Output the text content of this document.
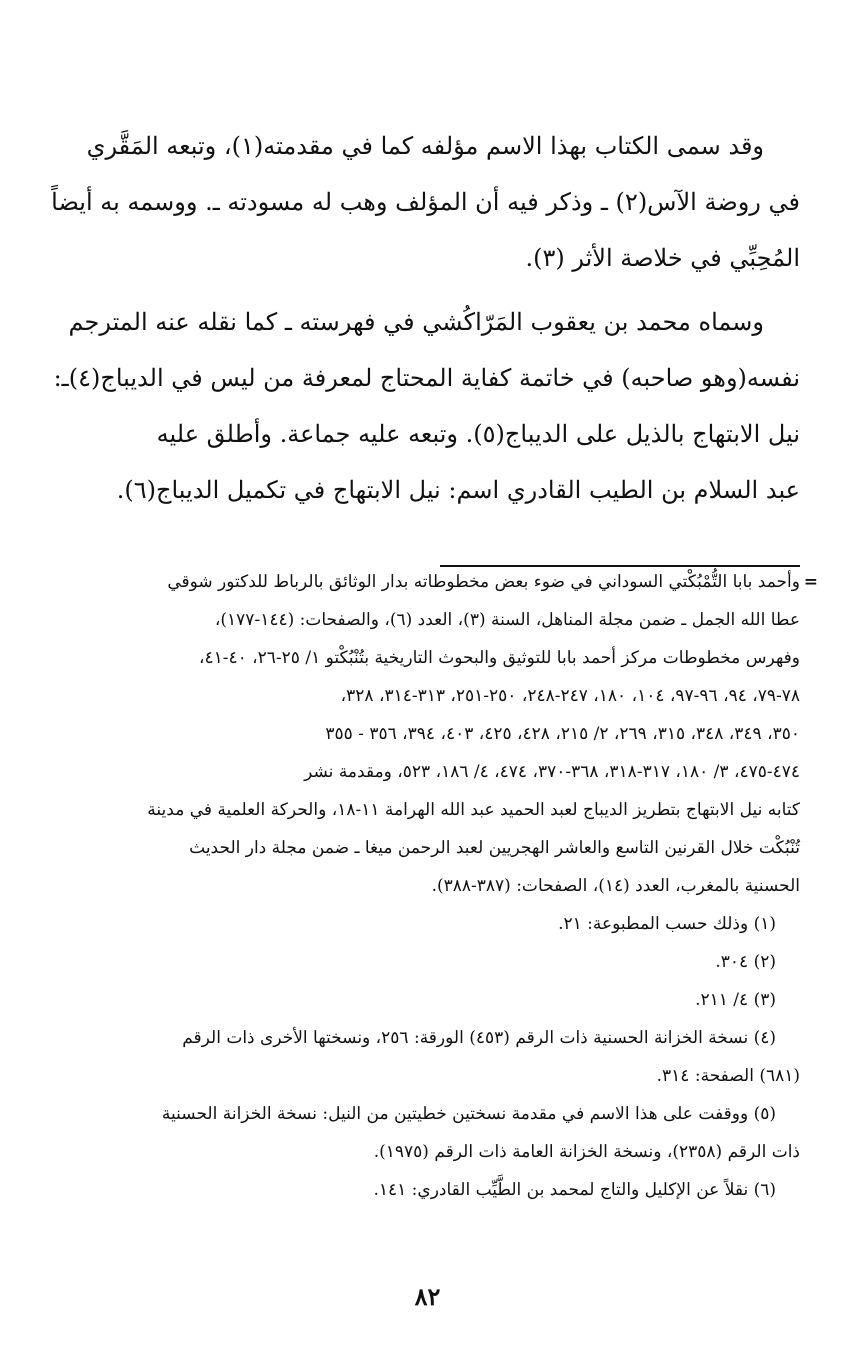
وقد سمى الكتاب بهذا الاسم مؤلفه كما في مقدمته(١)، وتبعه المَقَّري
في روضة الآس(٢) ـ وذكر فيه أن المؤلف وهب له مسودته ـ. ووسمه به أيضاً
المُحِبِّي في خلاصة الأثر (٣).

وسماه محمد بن يعقوب المَرّاكُشي في فهرسته ـ كما نقله عنه المترجم
نفسه(وهو صاحبه) في خاتمة كفاية المحتاج لمعرفة من ليس في الديباج(٤)ـ:
نيل الابتهاج بالذيل على الديباج(٥). وتبعه عليه جماعة. وأطلق عليه
عبد السلام بن الطيب القادري اسم: نيل الابتهاج في تكميل الديباج(٦).

=
وأحمد بابا التُّمْبُكْتي السوداني في ضوء بعض مخطوطاته بدار الوثائق بالرباط للدكتور شوقي
عطا الله الجمل ـ ضمن مجلة المناهل، السنة (٣)، العدد (٦)، والصفحات: (١٤٤-١٧٧)،
وفهرس مخطوطات مركز أحمد بابا للتوثيق والبحوث التاريخية بتُنْبُكْتو ١/ ٢٥-٢٦، ٤٠-٤١،
٧٨-٧٩، ٩٤، ٩٦-٩٧، ١٠٤، ١٨٠، ٢٤٧-٢٤٨، ٢٥٠-٢٥١، ٣١٣-٣١٤، ٣٢٨،
٣٥٠، ٣٤٩، ٣٤٨، ٣١٥، ٢٦٩، ٢/ ٢١٥، ٤٢٨، ٤٢٥، ٤٠٣، ٣٩٤، ٣٥٦ - ٣٥٥
٤٧٤-٤٧٥، ٣/ ١٨٠، ٣١٧-٣١٨، ٣٦٨-٣٧٠، ٤٧٤، ٤/ ١٨٦، ٥٢٣، ومقدمة نشر
كتابه نيل الابتهاج بتطريز الديباج لعبد الحميد عبد الله الهرامة ١١-١٨، والحركة العلمية في مدينة
تُنْبُكْت خلال القرنين التاسع والعاشر الهجريين لعبد الرحمن ميغا ـ ضمن مجلة دار الحديث
الحسنية بالمغرب، العدد (١٤)، الصفحات: (٣٨٧-٣٨٨).

(١) وذلك حسب المطبوعة: ٢١.

(٢) ٣٠٤.

(٣) ٤/ ٢١١.

(٤) نسخة الخزانة الحسنية ذات الرقم (٤٥٣) الورقة: ٢٥٦، ونسختها الأخرى ذات الرقم
(٦٨١) الصفحة: ٣١٤.

(٥) ووقفت على هذا الاسم في مقدمة نسختين خطيتين من النيل: نسخة الخزانة الحسنية
ذات الرقم (٢٣٥٨)، ونسخة الخزانة العامة ذات الرقم (١٩٧٥).

(٦) نقلاً عن الإكليل والتاج لمحمد بن الطَّيِّب القادري: ١٤١.

٨٢
